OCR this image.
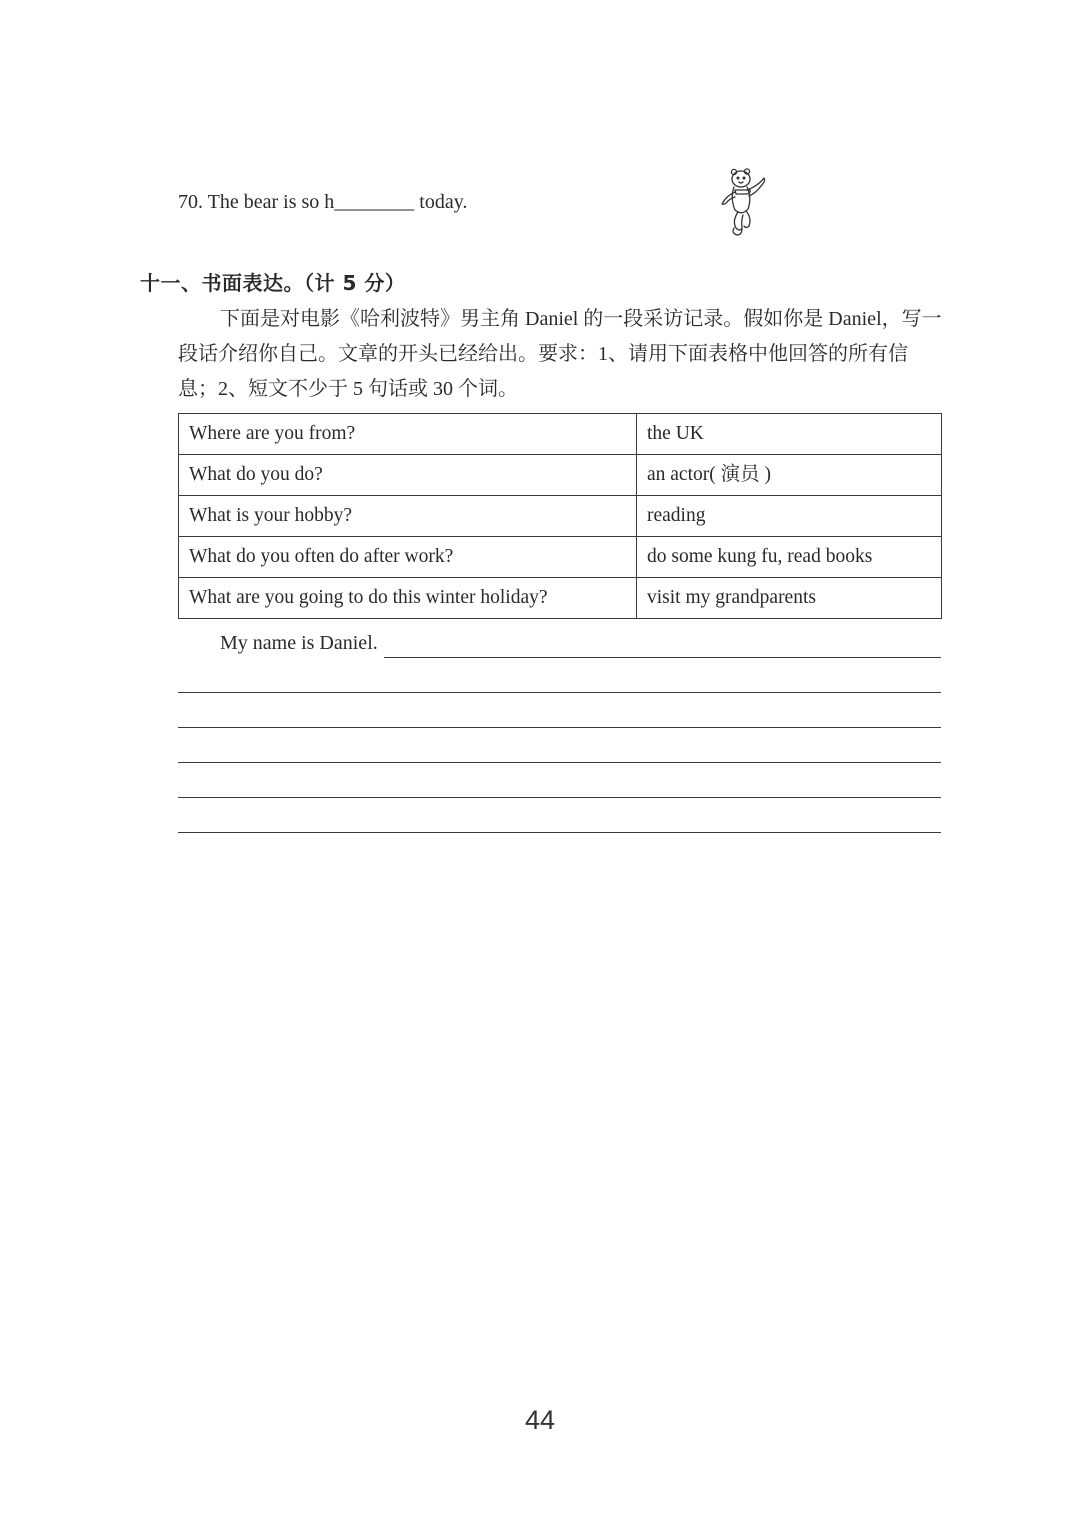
70. The bear is so h________ today.
十一、书面表达。（计 5 分）

下面是对电影《哈利波特》男主角 Daniel 的一段采访记录。假如你是 Daniel，写一段话介绍你自己。文章的开头已经给出。要求：1、请用下面表格中他回答的所有信息；2、短文不少于 5 句话或 30 个词。

Where are you from?	the UK
What do you do?	an actor( 演员 )
What is your hobby?	reading
What do you often do after work?	do some kung fu, read books
What are you going to do this winter holiday?	visit my grandparents
My name is Daniel.
44
